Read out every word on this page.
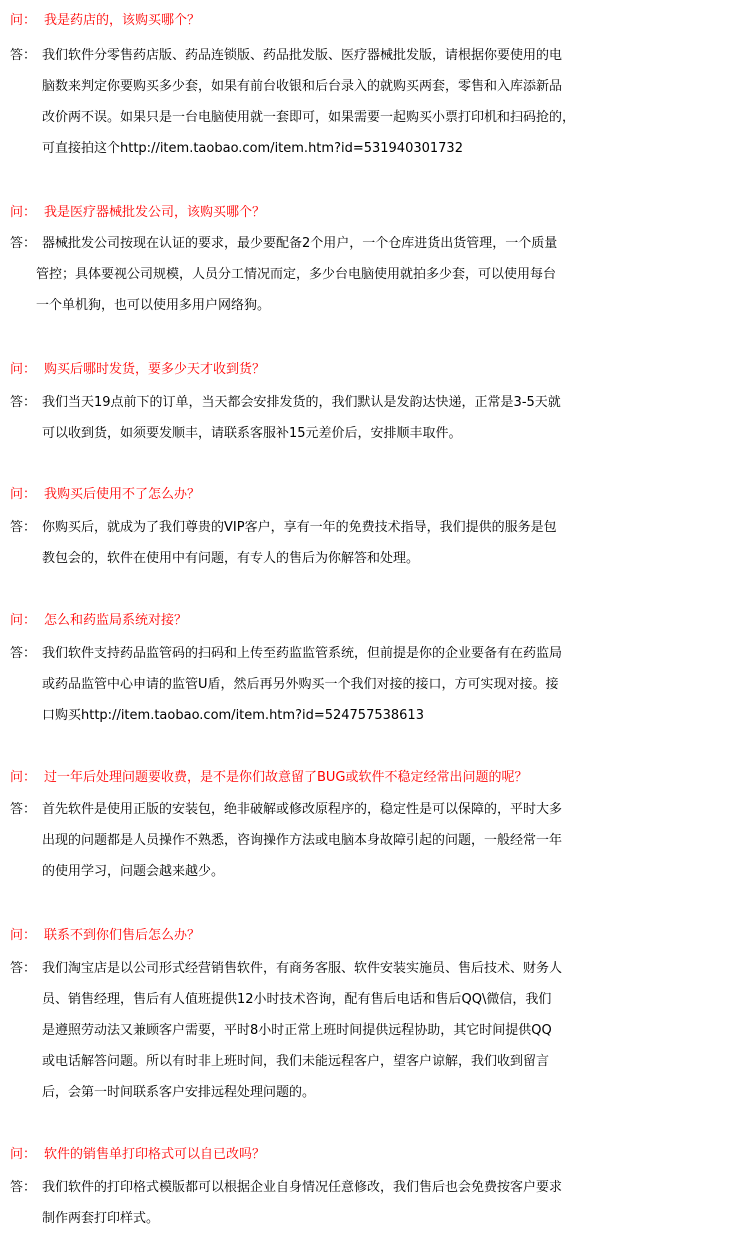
问： 我是药店的，该购买哪个？
答： 我们软件分零售药店版、药品连锁版、药品批发版、医疗器械批发版，请根据你要使用的电
脑数来判定你要购买多少套，如果有前台收银和后台录入的就购买两套，零售和入库添新品
改价两不误。如果只是一台电脑使用就一套即可，如果需要一起购买小票打印机和扫码抢的，
可直接拍这个http://item.taobao.com/item.htm?id=531940301732
问： 我是医疗器械批发公司，该购买哪个？
答： 器械批发公司按现在认证的要求，最少要配备2个用户，一个仓库进货出货管理，一个质量
管控；具体要视公司规模，人员分工情况而定，多少台电脑使用就拍多少套，可以使用每台
一个单机狗，也可以使用多用户网络狗。
问： 购买后哪时发货，要多少天才收到货？
答： 我们当天19点前下的订单，当天都会安排发货的，我们默认是发韵达快递，正常是3-5天就
可以收到货，如须要发顺丰，请联系客服补15元差价后，安排顺丰取件。
问： 我购买后使用不了怎么办？
答： 你购买后，就成为了我们尊贵的VIP客户，享有一年的免费技术指导，我们提供的服务是包
教包会的，软件在使用中有问题，有专人的售后为你解答和处理。
问： 怎么和药监局系统对接？
答： 我们软件支持药品监管码的扫码和上传至药监监管系统，但前提是你的企业要备有在药监局
或药品监管中心申请的监管U盾，然后再另外购买一个我们对接的接口，方可实现对接。接
口购买http://item.taobao.com/item.htm?id=524757538613
问： 过一年后处理问题要收费，是不是你们故意留了BUG或软件不稳定经常出问题的呢？
答： 首先软件是使用正版的安装包，绝非破解或修改原程序的，稳定性是可以保障的，平时大多
出现的问题都是人员操作不熟悉，咨询操作方法或电脑本身故障引起的问题，一般经常一年
的使用学习，问题会越来越少。
问： 联系不到你们售后怎么办？
答： 我们淘宝店是以公司形式经营销售软件，有商务客服、软件安装实施员、售后技术、财务人
员、销售经理，售后有人值班提供12小时技术咨询，配有售后电话和售后QQ\微信，我们
是遵照劳动法又兼顾客户需要，平时8小时正常上班时间提供远程协助，其它时间提供QQ
或电话解答问题。所以有时非上班时间，我们未能远程客户，望客户谅解，我们收到留言
后，会第一时间联系客户安排远程处理问题的。
问： 软件的销售单打印格式可以自已改吗？
答： 我们软件的打印格式模版都可以根据企业自身情况任意修改，我们售后也会免费按客户要求
制作两套打印样式。
